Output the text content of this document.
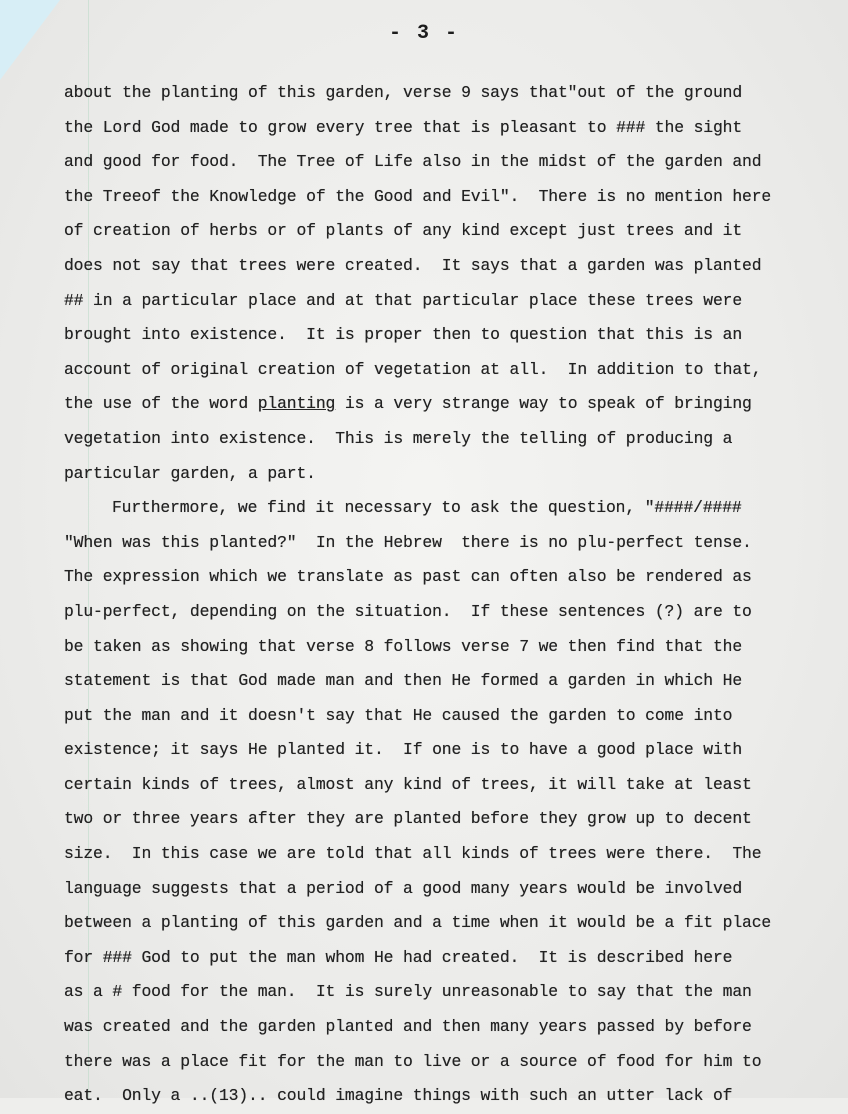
- 3 -
about the planting of this garden, verse 9 says that"out of the ground
the Lord God made to grow every tree that is pleasant to ### the sight
and good for food.  The Tree of Life also in the midst of the garden and
the Treeof the Knowledge of the Good and Evil".  There is no mention here
of creation of herbs or of plants of any kind except just trees and it
does not say that trees were created.  It says that a garden was planted
## in a particular place and at that particular place these trees were
brought into existence.  It is proper then to question that this is an
account of original creation of vegetation at all.  In addition to that,
the use of the word planting is a very strange way to speak of bringing
vegetation into existence.  This is merely the telling of producing a
particular garden, a part.
Furthermore, we find it necessary to ask the question, "####/####
"When was this planted?"  In the Hebrew  there is no plu-perfect tense.
The expression which we translate as past can often also be rendered as
plu-perfect, depending on the situation.  If these sentences (?) are to
be taken as showing that verse 8 follows verse 7 we then find that the
statement is that God made man and then He formed a garden in which He
put the man and it doesn't say that He caused the garden to come into
existence; it says He planted it.  If one is to have a good place with
certain kinds of trees, almost any kind of trees, it will take at least
two or three years after they are planted before they grow up to decent
size.  In this case we are told that all kinds of trees were there.  The
language suggests that a period of a good many years would be involved
between a planting of this garden and a time when it would be a fit place
for ### God to put the man whom He had created.  It is described here
as a # food for the man.  It is surely unreasonable to say that the man
was created and the garden planted and then many years passed by before
there was a place fit for the man to live or a source of food for him to
eat.  Only a ..(13).. could imagine things with such an utter lack of
